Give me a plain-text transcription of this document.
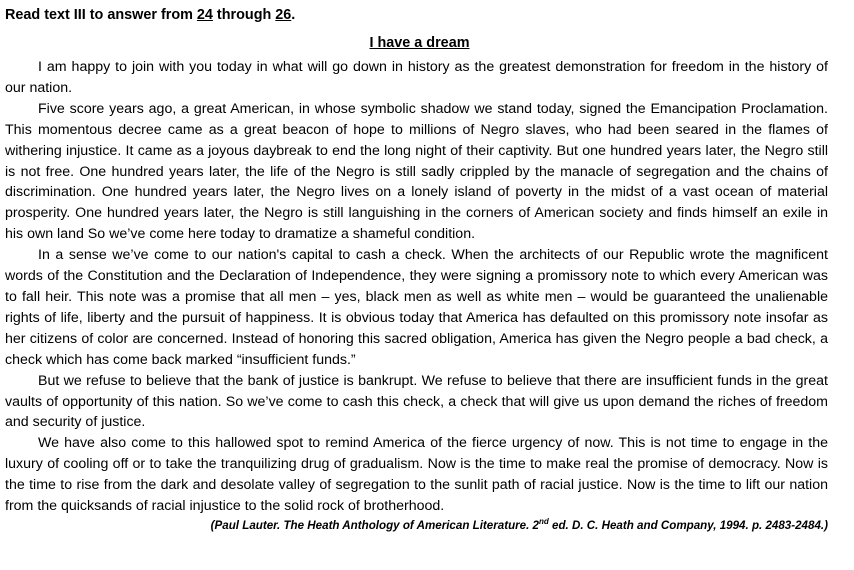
Read text III to answer from 24 through 26.

I have a dream

I am happy to join with you today in what will go down in history as the greatest demonstration for freedom in the history of our nation.

Five score years ago, a great American, in whose symbolic shadow we stand today, signed the Emancipation Proclamation. This momentous decree came as a great beacon of hope to millions of Negro slaves, who had been seared in the flames of withering injustice. It came as a joyous daybreak to end the long night of their captivity. But one hundred years later, the Negro still is not free. One hundred years later, the life of the Negro is still sadly crippled by the manacle of segregation and the chains of discrimination. One hundred years later, the Negro lives on a lonely island of poverty in the midst of a vast ocean of material prosperity. One hundred years later, the Negro is still languishing in the corners of American society and finds himself an exile in his own land So we’ve come here today to dramatize a shameful condition.

In a sense we’ve come to our nation's capital to cash a check. When the architects of our Republic wrote the magnificent words of the Constitution and the Declaration of Independence, they were signing a promissory note to which every American was to fall heir. This note was a promise that all men – yes, black men as well as white men – would be guaranteed the unalienable rights of life, liberty and the pursuit of happiness. It is obvious today that America has defaulted on this promissory note insofar as her citizens of color are concerned. Instead of honoring this sacred obligation, America has given the Negro people a bad check, a check which has come back marked “insufficient funds.”

But we refuse to believe that the bank of justice is bankrupt. We refuse to believe that there are insufficient funds in the great vaults of opportunity of this nation. So we’ve come to cash this check, a check that will give us upon demand the riches of freedom and security of justice.

We have also come to this hallowed spot to remind America of the fierce urgency of now. This is not time to engage in the luxury of cooling off or to take the tranquilizing drug of gradualism. Now is the time to make real the promise of democracy. Now is the time to rise from the dark and desolate valley of segregation to the sunlit path of racial justice. Now is the time to lift our nation from the quicksands of racial injustice to the solid rock of brotherhood.

(Paul Lauter. The Heath Anthology of American Literature. 2nd ed. D. C. Heath and Company, 1994. p. 2483-2484.)
